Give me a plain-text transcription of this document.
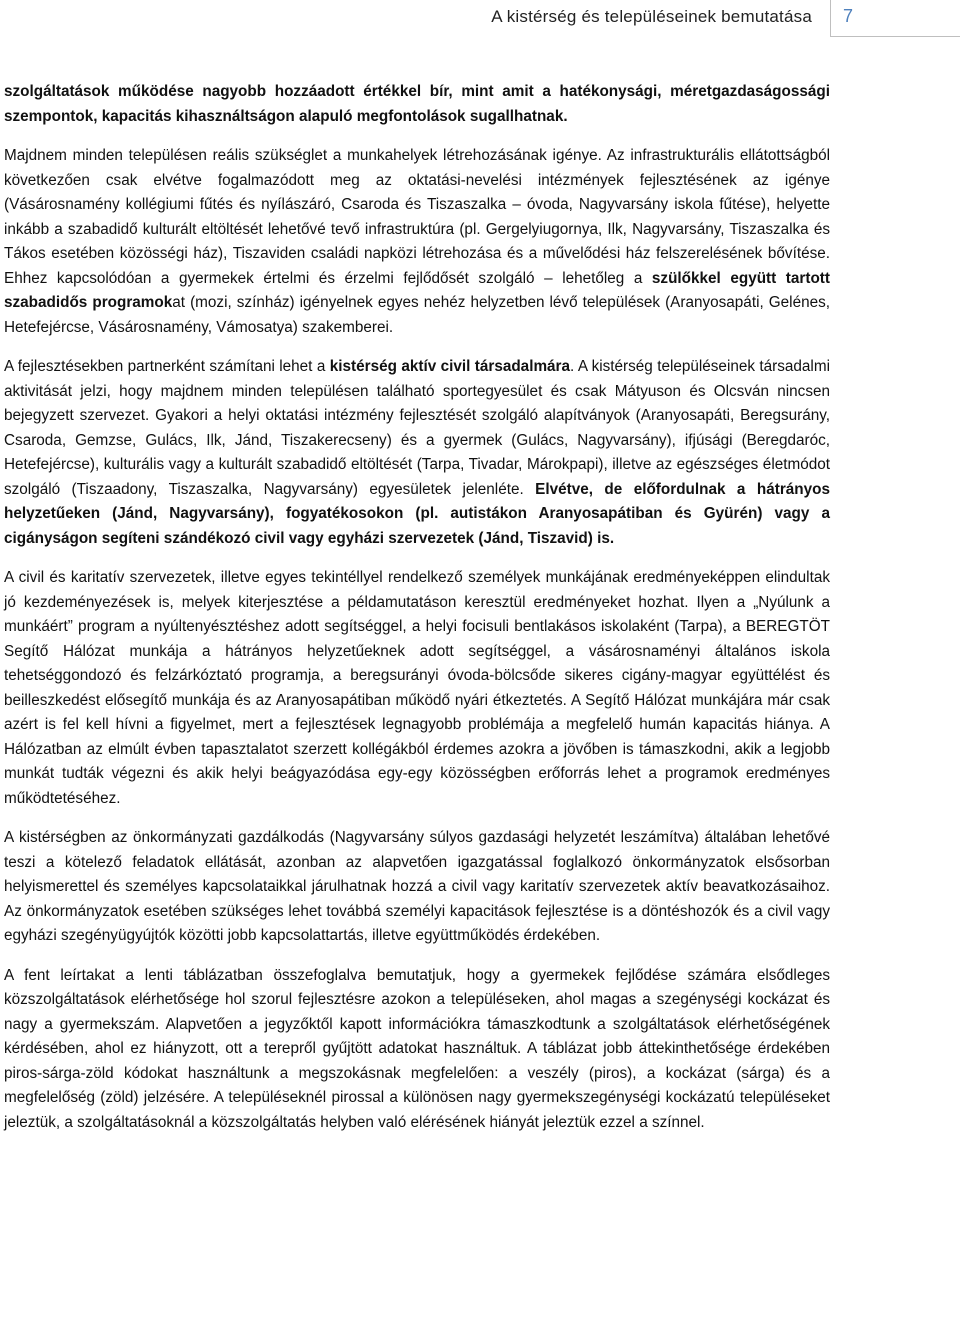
A kistérség és településeinek bemutatása 7

szolgáltatások működése nagyobb hozzáadott értékkel bír, mint amit a hatékonysági, méretgazdaságossági szempontok, kapacitás kihasználtságon alapuló megfontolások sugallhatnak.

Majdnem minden településen reális szükséglet a munkahelyek létrehozásának igénye. Az infrastrukturális ellátottságból következően csak elvétve fogalmazódott meg az oktatási-nevelési intézmények fejlesztésének az igénye (Vásárosnamény kollégiumi fűtés és nyílászáró, Csaroda és Tiszaszalka – óvoda, Nagyvarsány iskola fűtése), helyette inkább a szabadidő kulturált eltöltését lehetővé tevő infrastruktúra (pl. Gergelyiugornya, Ilk, Nagyvarsány, Tiszaszalka és Tákos esetében közösségi ház), Tiszaviden családi napközi létrehozása és a művelődési ház felszerelésének bővítése. Ehhez kapcsolódóan a gyermekek értelmi és érzelmi fejlődősét szolgáló – lehetőleg a szülőkkel együtt tartott szabadidős programokat (mozi, színház) igényelnek egyes nehéz helyzetben lévő települések (Aranyosapáti, Gelénes, Hetefejércse, Vásárosnamény, Vámosatya) szakemberei.

A fejlesztésekben partnerként számítani lehet a kistérség aktív civil társadalmára. A kistérség településeinek társadalmi aktivitását jelzi, hogy majdnem minden településen található sportegyesület és csak Mátyuson és Olcsván nincsen bejegyzett szervezet. Gyakori a helyi oktatási intézmény fejlesztését szolgáló alapítványok (Aranyosapáti, Beregsurány, Csaroda, Gemzse, Gulács, Ilk, Jánd, Tiszakerecseny) és a gyermek (Gulács, Nagyvarsány), ifjúsági (Beregdaróc, Hetefejércse), kulturális vagy a kulturált szabadidő eltöltését (Tarpa, Tivadar, Márokpapi), illetve az egészséges életmódot szolgáló (Tiszaadony, Tiszaszalka, Nagyvarsány) egyesületek jelenléte. Elvétve, de előfordulnak a hátrányos helyzetűeken (Jánd, Nagyvarsány), fogyatékosokon (pl. autistákon Aranyosapátiban és Gyürén) vagy a cigányságon segíteni szándékozó civil vagy egyházi szervezetek (Jánd, Tiszavid) is.

A civil és karitatív szervezetek, illetve egyes tekintéllyel rendelkező személyek munkájának eredményeképpen elindultak jó kezdeményezések is, melyek kiterjesztése a példamutatáson keresztül eredményeket hozhat. Ilyen a „Nyúlunk a munkáért” program a nyúltenyésztéshez adott segítséggel, a helyi focisuli bentlakásos iskolaként (Tarpa), a BEREGTÖT Segítő Hálózat munkája a hátrányos helyzetűeknek adott segítséggel, a vásárosnaményi általános iskola tehetséggondozó és felzárkóztató programja, a beregsurányi óvoda-bölcsőde sikeres cigány-magyar együttélést és beilleszkedést elősegítő munkája és az Aranyosapátiban működő nyári étkeztetés. A Segítő Hálózat munkájára már csak azért is fel kell hívni a figyelmet, mert a fejlesztések legnagyobb problémája a megfelelő humán kapacitás hiánya. A Hálózatban az elmúlt évben tapasztalatot szerzett kollégákból érdemes azokra a jövőben is támaszkodni, akik a legjobb munkát tudták végezni és akik helyi beágyazódása egy-egy közösségben erőforrás lehet a programok eredményes működtetéséhez.

A kistérségben az önkormányzati gazdálkodás (Nagyvarsány súlyos gazdasági helyzetét leszámítva) általában lehetővé teszi a kötelező feladatok ellátását, azonban az alapvetően igazgatással foglalkozó önkormányzatok elsősorban helyismerettel és személyes kapcsolataikkal járulhatnak hozzá a civil vagy karitatív szervezetek aktív beavatkozásaihoz. Az önkormányzatok esetében szükséges lehet továbbá személyi kapacitások fejlesztése is a döntéshozók és a civil vagy egyházi szegényügyújtók közötti jobb kapcsolattartás, illetve együttműködés érdekében.

A fent leírtakat a lenti táblázatban összefoglalva bemutatjuk, hogy a gyermekek fejlődése számára elsődleges közszolgáltatások elérhetősége hol szorul fejlesztésre azokon a településeken, ahol magas a szegénységi kockázat és nagy a gyermekszám. Alapvetően a jegyzőktől kapott információkra támaszkodtunk a szolgáltatások elérhetőségének kérdésében, ahol ez hiányzott, ott a terepről gyűjtött adatokat használtuk. A táblázat jobb áttekinthetősége érdekében piros-sárga-zöld kódokat használtunk a megszokásnak megfelelően: a veszély (piros), a kockázat (sárga) és a megfelelőség (zöld) jelzésére. A településeknél pirossal a különösen nagy gyermekszegénységi kockázatú településeket jeleztük, a szolgáltatásoknál a közszolgáltatás helyben való elérésének hiányát jeleztük ezzel a színnel.
